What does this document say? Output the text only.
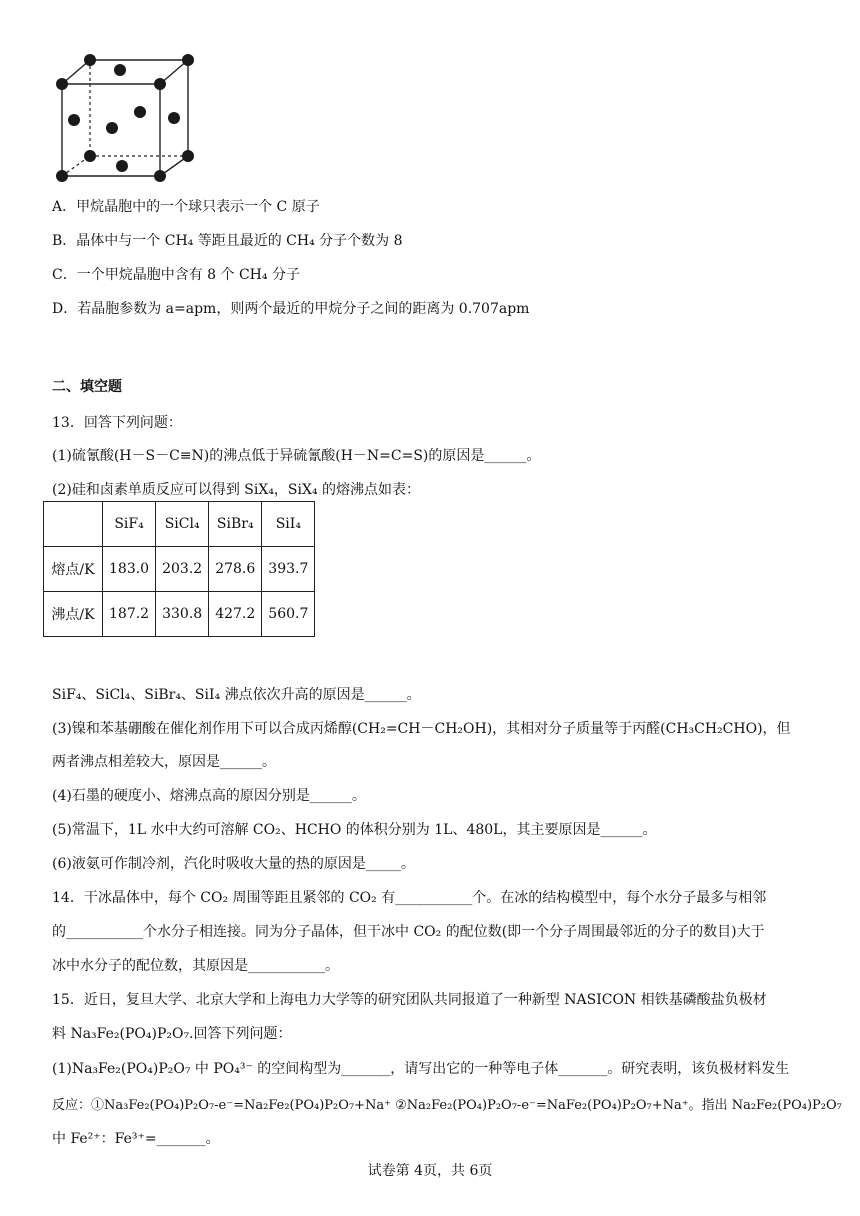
A．甲烷晶胞中的一个球只表示一个 C 原子
B．晶体中与一个 CH₄ 等距且最近的 CH₄ 分子个数为 8
C．一个甲烷晶胞中含有 8 个 CH₄ 分子
D．若晶胞参数为 a=apm，则两个最近的甲烷分子之间的距离为 0.707apm
二、填空题
13．回答下列问题：
(1)硫氰酸(H－S－C≡N)的沸点低于异硫氰酸(H－N=C=S)的原因是______。
(2)硅和卤素单质反应可以得到 SiX₄，SiX₄ 的熔沸点如表：
	SiF₄	SiCl₄	SiBr₄	SiI₄
熔点/K	183.0	203.2	278.6	393.7
沸点/K	187.2	330.8	427.2	560.7
SiF₄、SiCl₄、SiBr₄、SiI₄ 沸点依次升高的原因是______。
(3)镍和苯基硼酸在催化剂作用下可以合成丙烯醇(CH₂=CH－CH₂OH)，其相对分子质量等于丙醛(CH₃CH₂CHO)，但
两者沸点相差较大，原因是______。
(4)石墨的硬度小、熔沸点高的原因分别是______。
(5)常温下，1L 水中大约可溶解 CO₂、HCHO 的体积分别为 1L、480L，其主要原因是______。
(6)液氨可作制冷剂，汽化时吸收大量的热的原因是_____。
14．干冰晶体中，每个 CO₂ 周围等距且紧邻的 CO₂ 有___________个。在冰的结构模型中，每个水分子最多与相邻
的___________个水分子相连接。同为分子晶体，但干冰中 CO₂ 的配位数(即一个分子周围最邻近的分子的数目)大于
冰中水分子的配位数，其原因是___________。
15．近日，复旦大学、北京大学和上海电力大学等的研究团队共同报道了一种新型 NASICON 相铁基磷酸盐负极材
料 Na₃Fe₂(PO₄)P₂O₇.回答下列问题：
(1)Na₃Fe₂(PO₄)P₂O₇ 中 PO₄³⁻ 的空间构型为_______，请写出它的一种等电子体_______。研究表明，该负极材料发生
反应：①Na₃Fe₂(PO₄)P₂O₇-e⁻=Na₂Fe₂(PO₄)P₂O₇+Na⁺ ②Na₂Fe₂(PO₄)P₂O₇-e⁻=NaFe₂(PO₄)P₂O₇+Na⁺。指出 Na₂Fe₂(PO₄)P₂O₇
中 Fe²⁺：Fe³⁺=_______。
试卷第 4页，共 6页
